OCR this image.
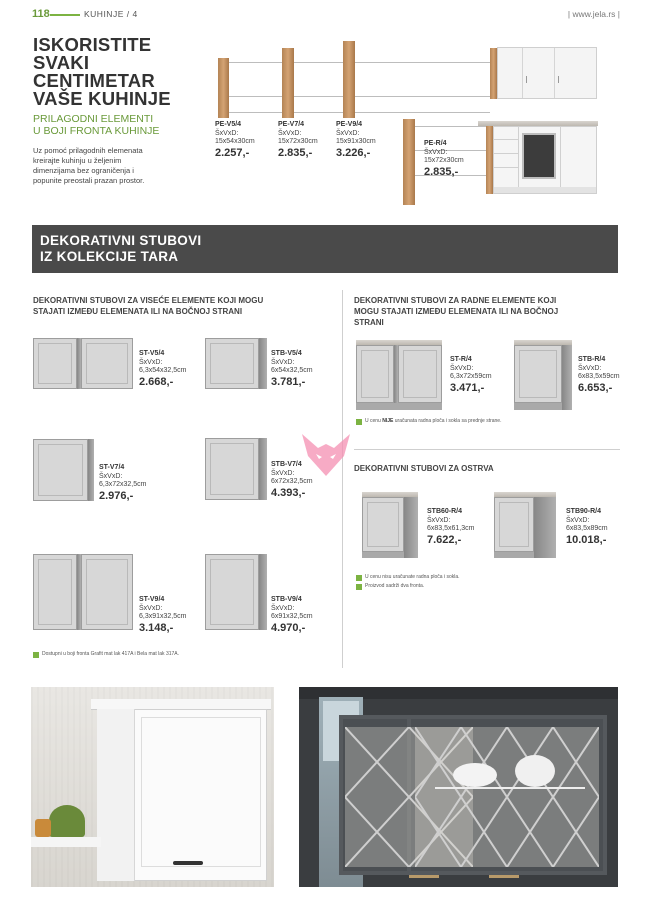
118	KUHINJE / 4	| www.jela.rs |
ISKORISTITE
SVAKI
CENTIMETAR
VAŠE KUHINJE
PRILAGODNI ELEMENTI
U BOJI FRONTA KUHINJE
Uz pomoć prilagodnih elemenata
kreirajte kuhinju u željenim
dimenzijama bez ograničenja i
popunite preostali prazan prostor.
PE-V5/4
ŠxVxD:
15x54x30cm
2.257,-
PE-V7/4
ŠxVxD:
15x72x30cm
2.835,-
PE-V9/4
ŠxVxD:
15x91x30cm
3.226,-
PE-R/4
ŠxVxD:
15x72x30cm
2.835,-
DEKORATIVNI STUBOVI
IZ KOLEKCIJE TARA
DEKORATIVNI STUBOVI ZA VISEĆE ELEMENTE KOJI MOGU
STAJATI IZMEĐU ELEMENATA ILI NA BOČNOJ STRANI
DEKORATIVNI STUBOVI ZA RADNE ELEMENTE KOJI
MOGU STAJATI IZMEĐU ELEMENATA ILI NA BOČNOJ
STRANI
ST-V5/4
ŠxVxD:
6,3x54x32,5cm
2.668,-
STB-V5/4
ŠxVxD:
6x54x32,5cm
3.781,-
ST-V7/4
ŠxVxD:
6,3x72x32,5cm
2.976,-
STB-V7/4
ŠxVxD:
6x72x32,5cm
4.393,-
ST-V9/4
ŠxVxD:
6,3x91x32,5cm
3.148,-
STB-V9/4
ŠxVxD:
6x91x32,5cm
4.970,-
Dostupni u boji fronta Grafit mat lak 417A i Bela mat lak 317A.
ST-R/4
ŠxVxD:
6,3x72x59cm
3.471,-
STB-R/4
ŠxVxD:
6x83,5x59cm
6.653,-
U cenu NIJE uračunata radna ploča i sokla sa prednje strane.
DEKORATIVNI STUBOVI ZA OSTRVA
STB60-R/4
ŠxVxD:
6x83,5x61,3cm
7.622,-
STB90-R/4
ŠxVxD:
6x83,5x89cm
10.018,-
U cenu nisu uračunate radna ploča i sokla.
Proizvod sadrži dva fronta.
